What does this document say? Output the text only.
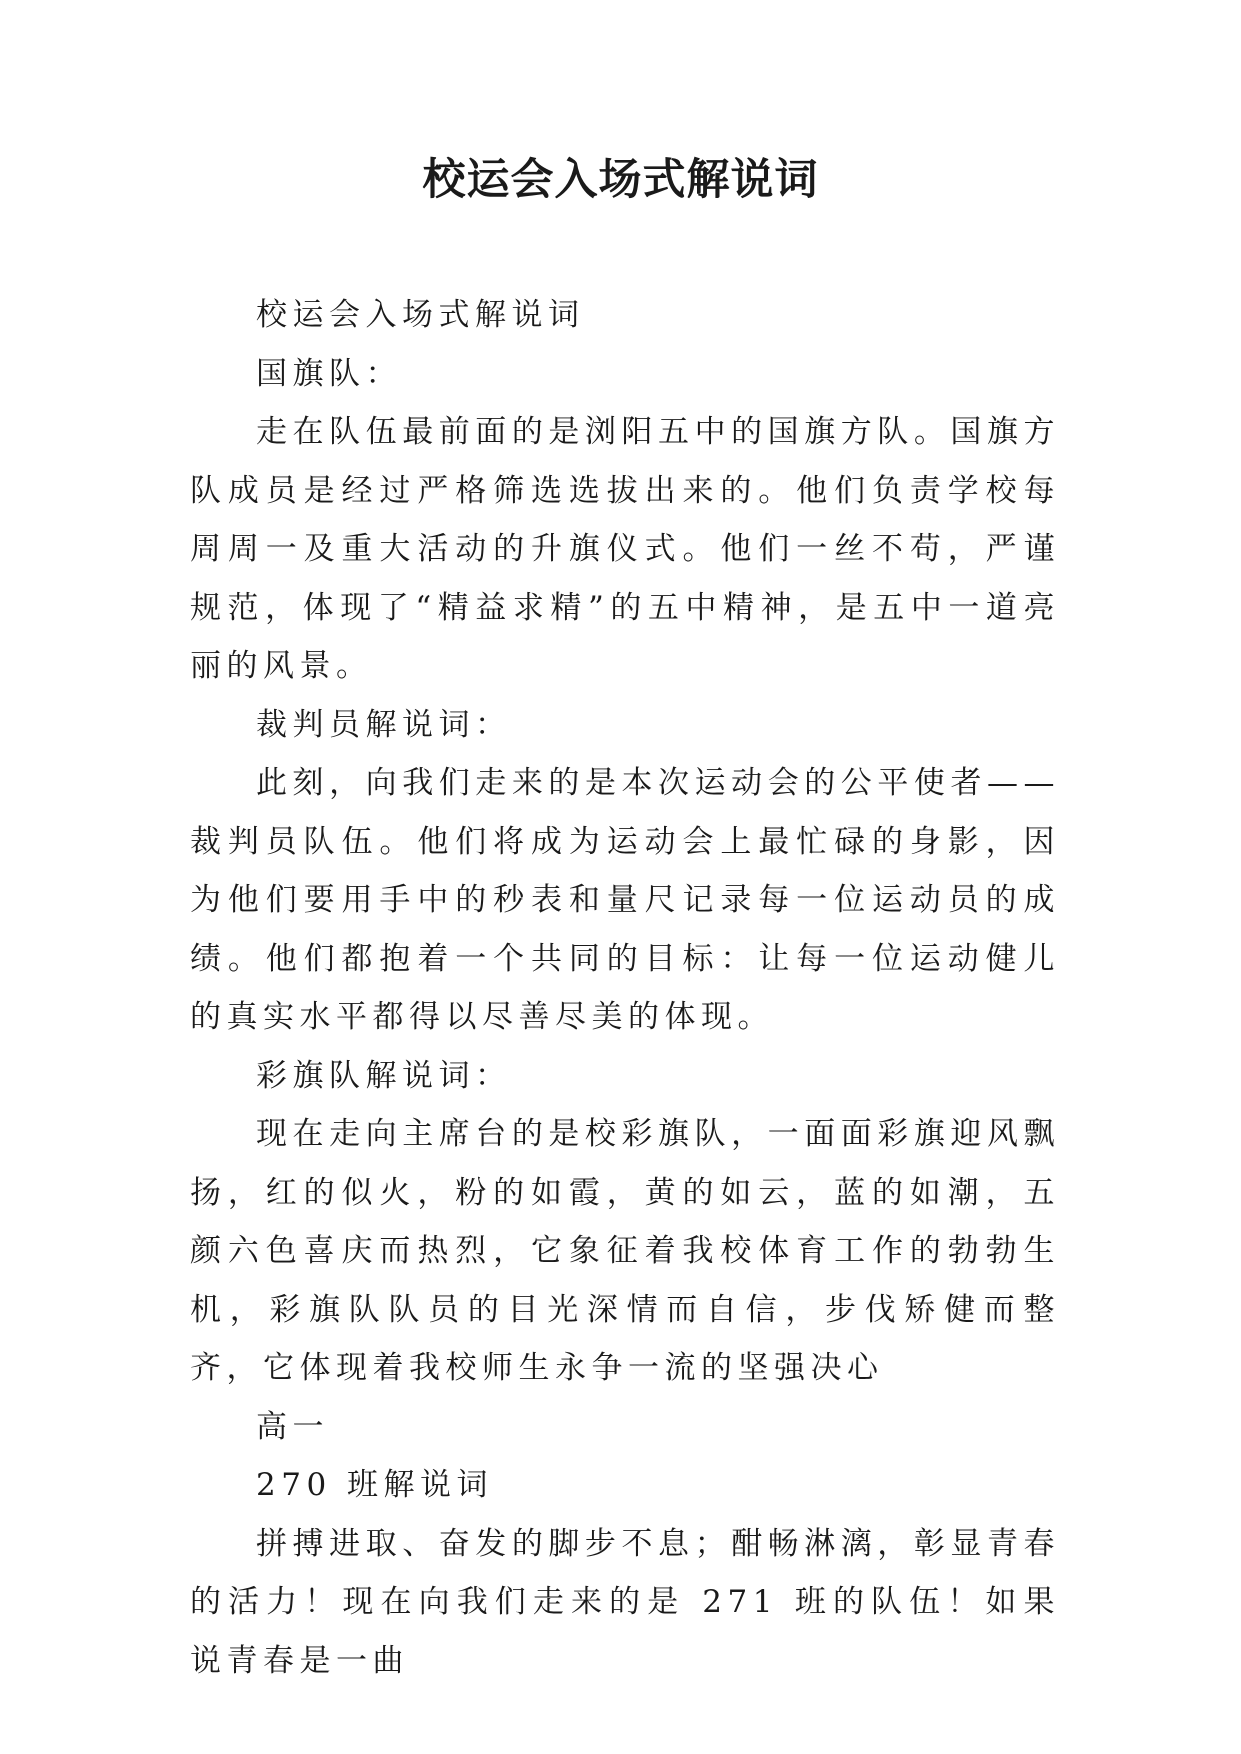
校运会入场式解说词

校运会入场式解说词

国旗队：

走在队伍最前面的是浏阳五中的国旗方队。国旗方队成员是经过严格筛选选拔出来的。他们负责学校每周周一及重大活动的升旗仪式。他们一丝不苟，严谨规范，体现了“精益求精”的五中精神，是五中一道亮丽的风景。

裁判员解说词：

此刻，向我们走来的是本次运动会的公平使者——裁判员队伍。他们将成为运动会上最忙碌的身影，因为他们要用手中的秒表和量尺记录每一位运动员的成绩。他们都抱着一个共同的目标：让每一位运动健儿的真实水平都得以尽善尽美的体现。

彩旗队解说词：

现在走向主席台的是校彩旗队，一面面彩旗迎风飘扬，红的似火，粉的如霞，黄的如云，蓝的如潮，五颜六色喜庆而热烈，它象征着我校体育工作的勃勃生机，彩旗队队员的目光深情而自信，步伐矫健而整齐，它体现着我校师生永争一流的坚强决心

高一

270 班解说词

拼搏进取、奋发的脚步不息；酣畅淋漓，彰显青春的活力！现在向我们走来的是 271 班的队伍！如果说青春是一曲
